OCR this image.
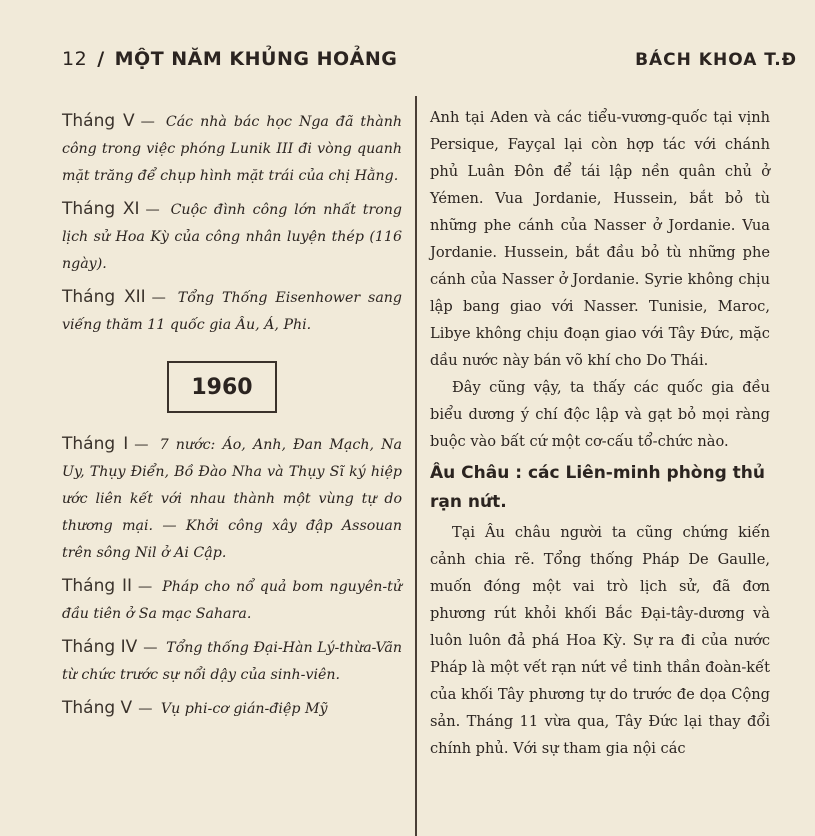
12 / MỘT NĂM KHỦNG HOẢNG	BÁCH KHOA T.Đ

Tháng V — Các nhà bác học Nga đã thành công trong việc phóng Lunik III đi vòng quanh mặt trăng để chụp hình mặt trái của chị Hằng.

Tháng XI — Cuộc đình công lớn nhất trong lịch sử Hoa Kỳ của công nhân luyện thép (116 ngày).

Tháng XII — Tổng Thống Eisenhower sang viếng thăm 11 quốc gia Âu, Á, Phi.

1960

Tháng I — 7 nước: Áo, Anh, Đan Mạch, Na Uy, Thụy Điển, Bồ Đào Nha và Thụy Sĩ ký hiệp ước liên kết với nhau thành một vùng tự do thương mại. — Khởi công xây đập Assouan trên sông Nil ở Ai Cập.

Tháng II — Pháp cho nổ quả bom nguyên-tử đầu tiên ở Sa mạc Sahara.

Tháng IV — Tổng thống Đại-Hàn Lý-thừa-Vãn từ chức trước sự nổi dậy của sinh-viên.

Tháng V — Vụ phi-cơ gián-điệp Mỹ

Anh tại Aden và các tiểu-vương-quốc tại vịnh Persique, Fayçal lại còn hợp tác với chánh phủ Luân Đôn để tái lập nền quân chủ ở Yémen. Vua Jordanie, Hussein, bắt bỏ tù những phe cánh của Nasser ở Jordanie. Vua Jordanie. Hussein, bắt đầu bỏ tù những phe cánh của Nasser ở Jordanie. Syrie không chịu lập bang giao với Nasser. Tunisie, Maroc, Libye không chịu đoạn giao với Tây Đức, mặc dầu nước này bán võ khí cho Do Thái.

Đây cũng vậy, ta thấy các quốc gia đều biểu dương ý chí độc lập và gạt bỏ mọi ràng buộc vào bất cứ một cơ-cấu tổ-chức nào.

Âu Châu : các Liên-minh phòng thủ rạn nứt.

Tại Âu châu người ta cũng chứng kiến cảnh chia rẽ. Tổng thống Pháp De Gaulle, muốn đóng một vai trò lịch sử, đã đơn phương rút khỏi khối Bắc Đại-tây-dương và luôn luôn đả phá Hoa Kỳ. Sự ra đi của nước Pháp là một vết rạn nứt về tinh thần đoàn-kết của khối Tây phương tự do trước đe dọa Cộng sản. Tháng 11 vừa qua, Tây Đức lại thay đổi chính phủ. Với sự tham gia nội các
